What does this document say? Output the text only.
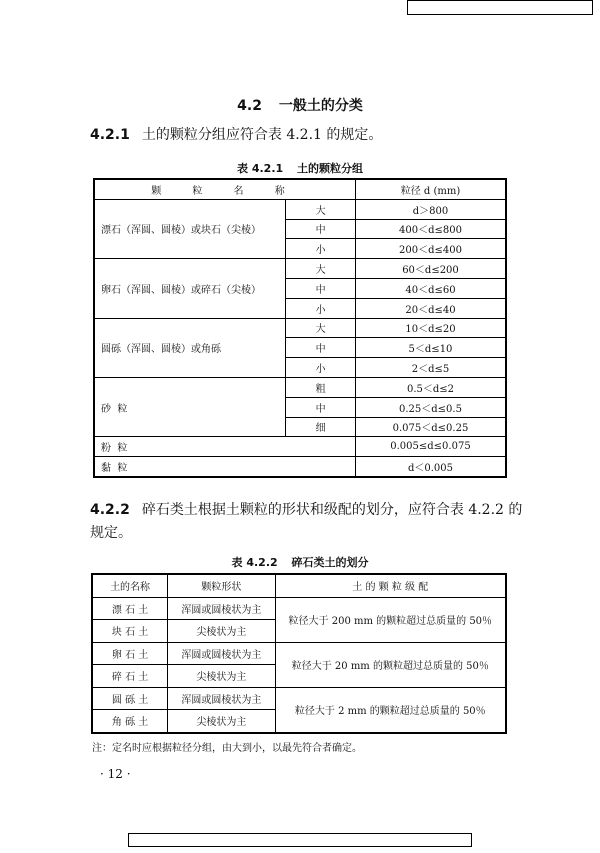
4.2 一般土的分类
4.2.1 土的颗粒分组应符合表 4.2.1 的规定。
表 4.2.1 土的颗粒分组
颗 粒 名 称		粒径 d (mm)
漂石（浑圆、圆棱）或块石（尖棱）	大	d＞800
	中	400＜d≤800
	小	200＜d≤400
卵石（浑圆、圆棱）或碎石（尖棱）	大	60＜d≤200
	中	40＜d≤60
	小	20＜d≤40
圆砾（浑圆、圆棱）或角砾	大	10＜d≤20
	中	5＜d≤10
	小	2＜d≤5
砂  粒	粗	0.5＜d≤2
	中	0.25＜d≤0.5
	细	0.075＜d≤0.25
粉  粒		0.005≤d≤0.075
黏  粒		d＜0.005
4.2.2 碎石类土根据土颗粒的形状和级配的划分，应符合表 4.2.2 的规定。
表 4.2.2 碎石类土的划分
土的名称	颗粒形状	土 的 颗 粒 级 配
漂 石 土	浑圆或圆棱状为主	粒径大于 200 mm 的颗粒超过总质量的 50％
块 石 土	尖棱状为主	
卵 石 土	浑圆或圆棱状为主	粒径大于 20 mm 的颗粒超过总质量的 50％
碎 石 土	尖棱状为主	
圆 砾 土	浑圆或圆棱状为主	粒径大于 2 mm 的颗粒超过总质量的 50％
角 砾 土	尖棱状为主	
注：定名时应根据粒径分组，由大到小，以最先符合者确定。
· 12 ·
